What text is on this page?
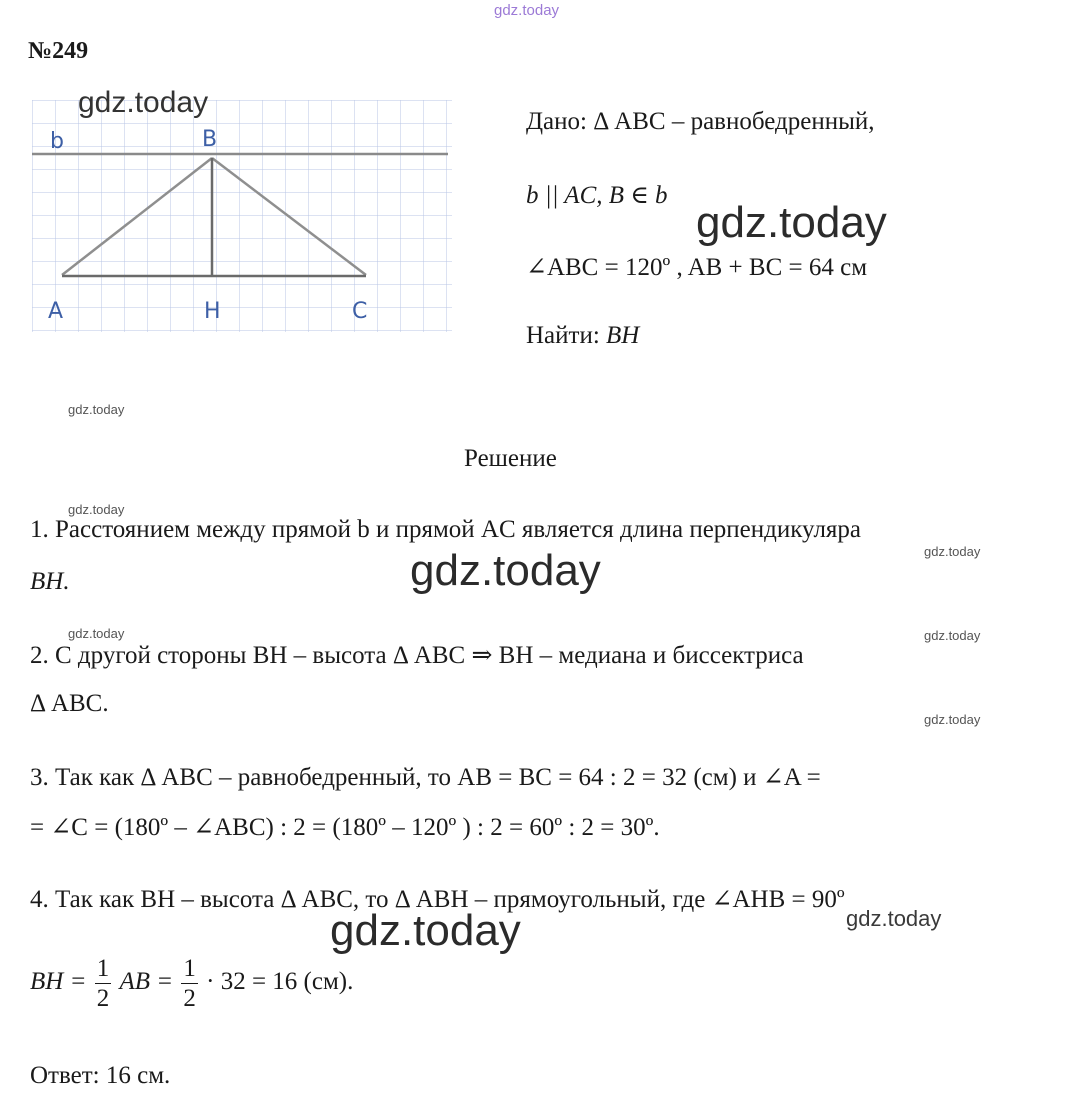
gdz.today
№249
b	B
A	H	C
gdz.today
Дано: Δ ABC – равнобедренный,
b || AC, B ∈ b
gdz.today
∠ABC = 120º , AB + BC = 64 см
Найти: BH
gdz.today
Решение
gdz.today
1. Расстоянием между прямой b и прямой AC является длина перпендикуляра
gdz.today
BH.	gdz.today
gdz.today	gdz.today
2. С другой стороны BH – высота Δ ABC ⇒ BH – медиана и биссектриса
Δ ABC.
gdz.today
3. Так как Δ ABC – равнобедренный, то AB = BC = 64 : 2 = 32 (см) и ∠A =
= ∠C = (180º – ∠ABC) : 2 = (180º – 120º ) : 2 = 60º : 2 = 30º.
4. Так как BH – высота Δ ABC, то Δ ABH – прямоугольный, где ∠AHB = 90º
gdz.today
gdz.today
BH = $\frac{1}{2}$ AB = $\frac{1}{2} \cdot 32 = 16$ (см).
Ответ: 16 см.
